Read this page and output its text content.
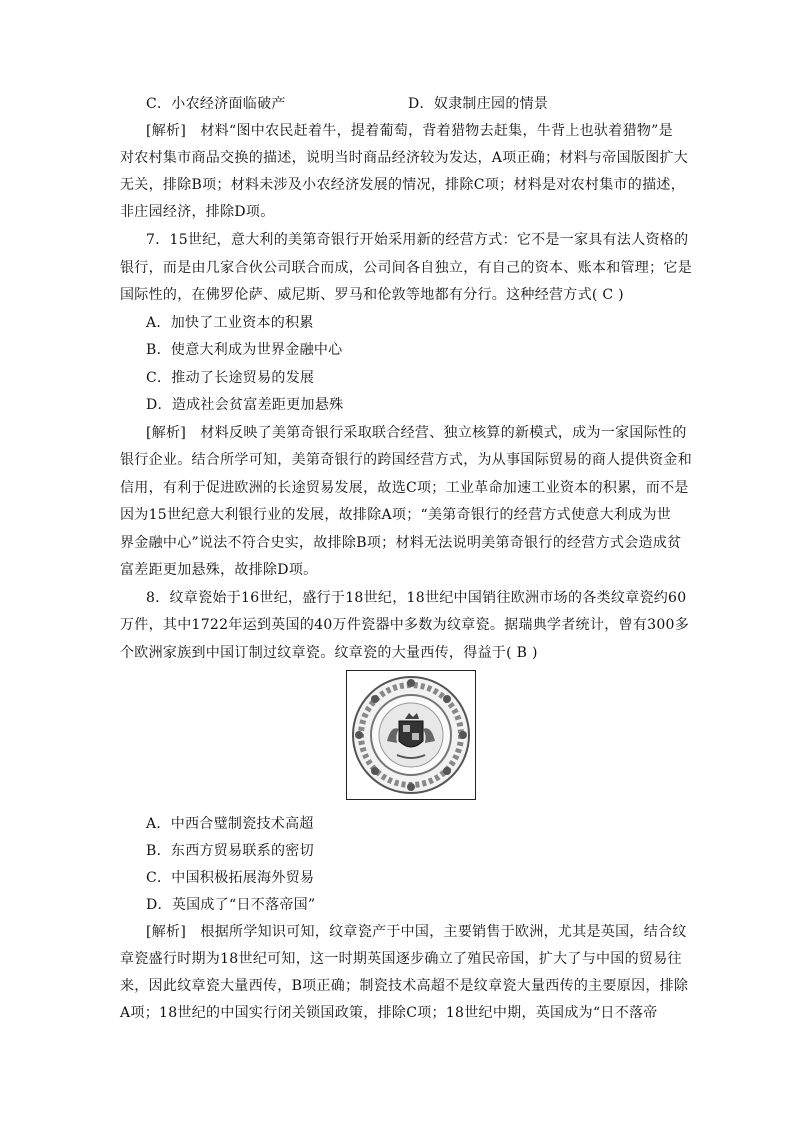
C．小农经济面临破产	D．奴隶制庄园的情景
[解析]　材料“图中农民赶着牛，提着葡萄，背着猎物去赶集，牛背上也驮着猎物”是
对农村集市商品交换的描述，说明当时商品经济较为发达，A项正确；材料与帝国版图扩大
无关，排除B项；材料未涉及小农经济发展的情况，排除C项；材料是对农村集市的描述，
非庄园经济，排除D项。
7．15世纪，意大利的美第奇银行开始采用新的经营方式：它不是一家具有法人资格的
银行，而是由几家合伙公司联合而成，公司间各自独立，有自己的资本、账本和管理；它是
国际性的，在佛罗伦萨、威尼斯、罗马和伦敦等地都有分行。这种经营方式( C )
A．加快了工业资本的积累
B．使意大利成为世界金融中心
C．推动了长途贸易的发展
D．造成社会贫富差距更加悬殊
[解析]　材料反映了美第奇银行采取联合经营、独立核算的新模式，成为一家国际性的
银行企业。结合所学可知，美第奇银行的跨国经营方式，为从事国际贸易的商人提供资金和
信用，有利于促进欧洲的长途贸易发展，故选C项；工业革命加速工业资本的积累，而不是
因为15世纪意大利银行业的发展，故排除A项；“美第奇银行的经营方式使意大利成为世
界金融中心”说法不符合史实，故排除B项；材料无法说明美第奇银行的经营方式会造成贫
富差距更加悬殊，故排除D项。
8．纹章瓷始于16世纪，盛行于18世纪，18世纪中国销往欧洲市场的各类纹章瓷约60
万件，其中1722年运到英国的40万件瓷器中多数为纹章瓷。据瑞典学者统计，曾有300多
个欧洲家族到中国订制过纹章瓷。纹章瓷的大量西传，得益于( B )
A．中西合璧制瓷技术高超
B．东西方贸易联系的密切
C．中国积极拓展海外贸易
D．英国成了“日不落帝国”
[解析]　根据所学知识可知，纹章瓷产于中国，主要销售于欧洲，尤其是英国，结合纹
章瓷盛行时期为18世纪可知，这一时期英国逐步确立了殖民帝国，扩大了与中国的贸易往
来，因此纹章瓷大量西传，B项正确；制瓷技术高超不是纹章瓷大量西传的主要原因，排除
A项；18世纪的中国实行闭关锁国政策，排除C项；18世纪中期，英国成为“日不落帝
